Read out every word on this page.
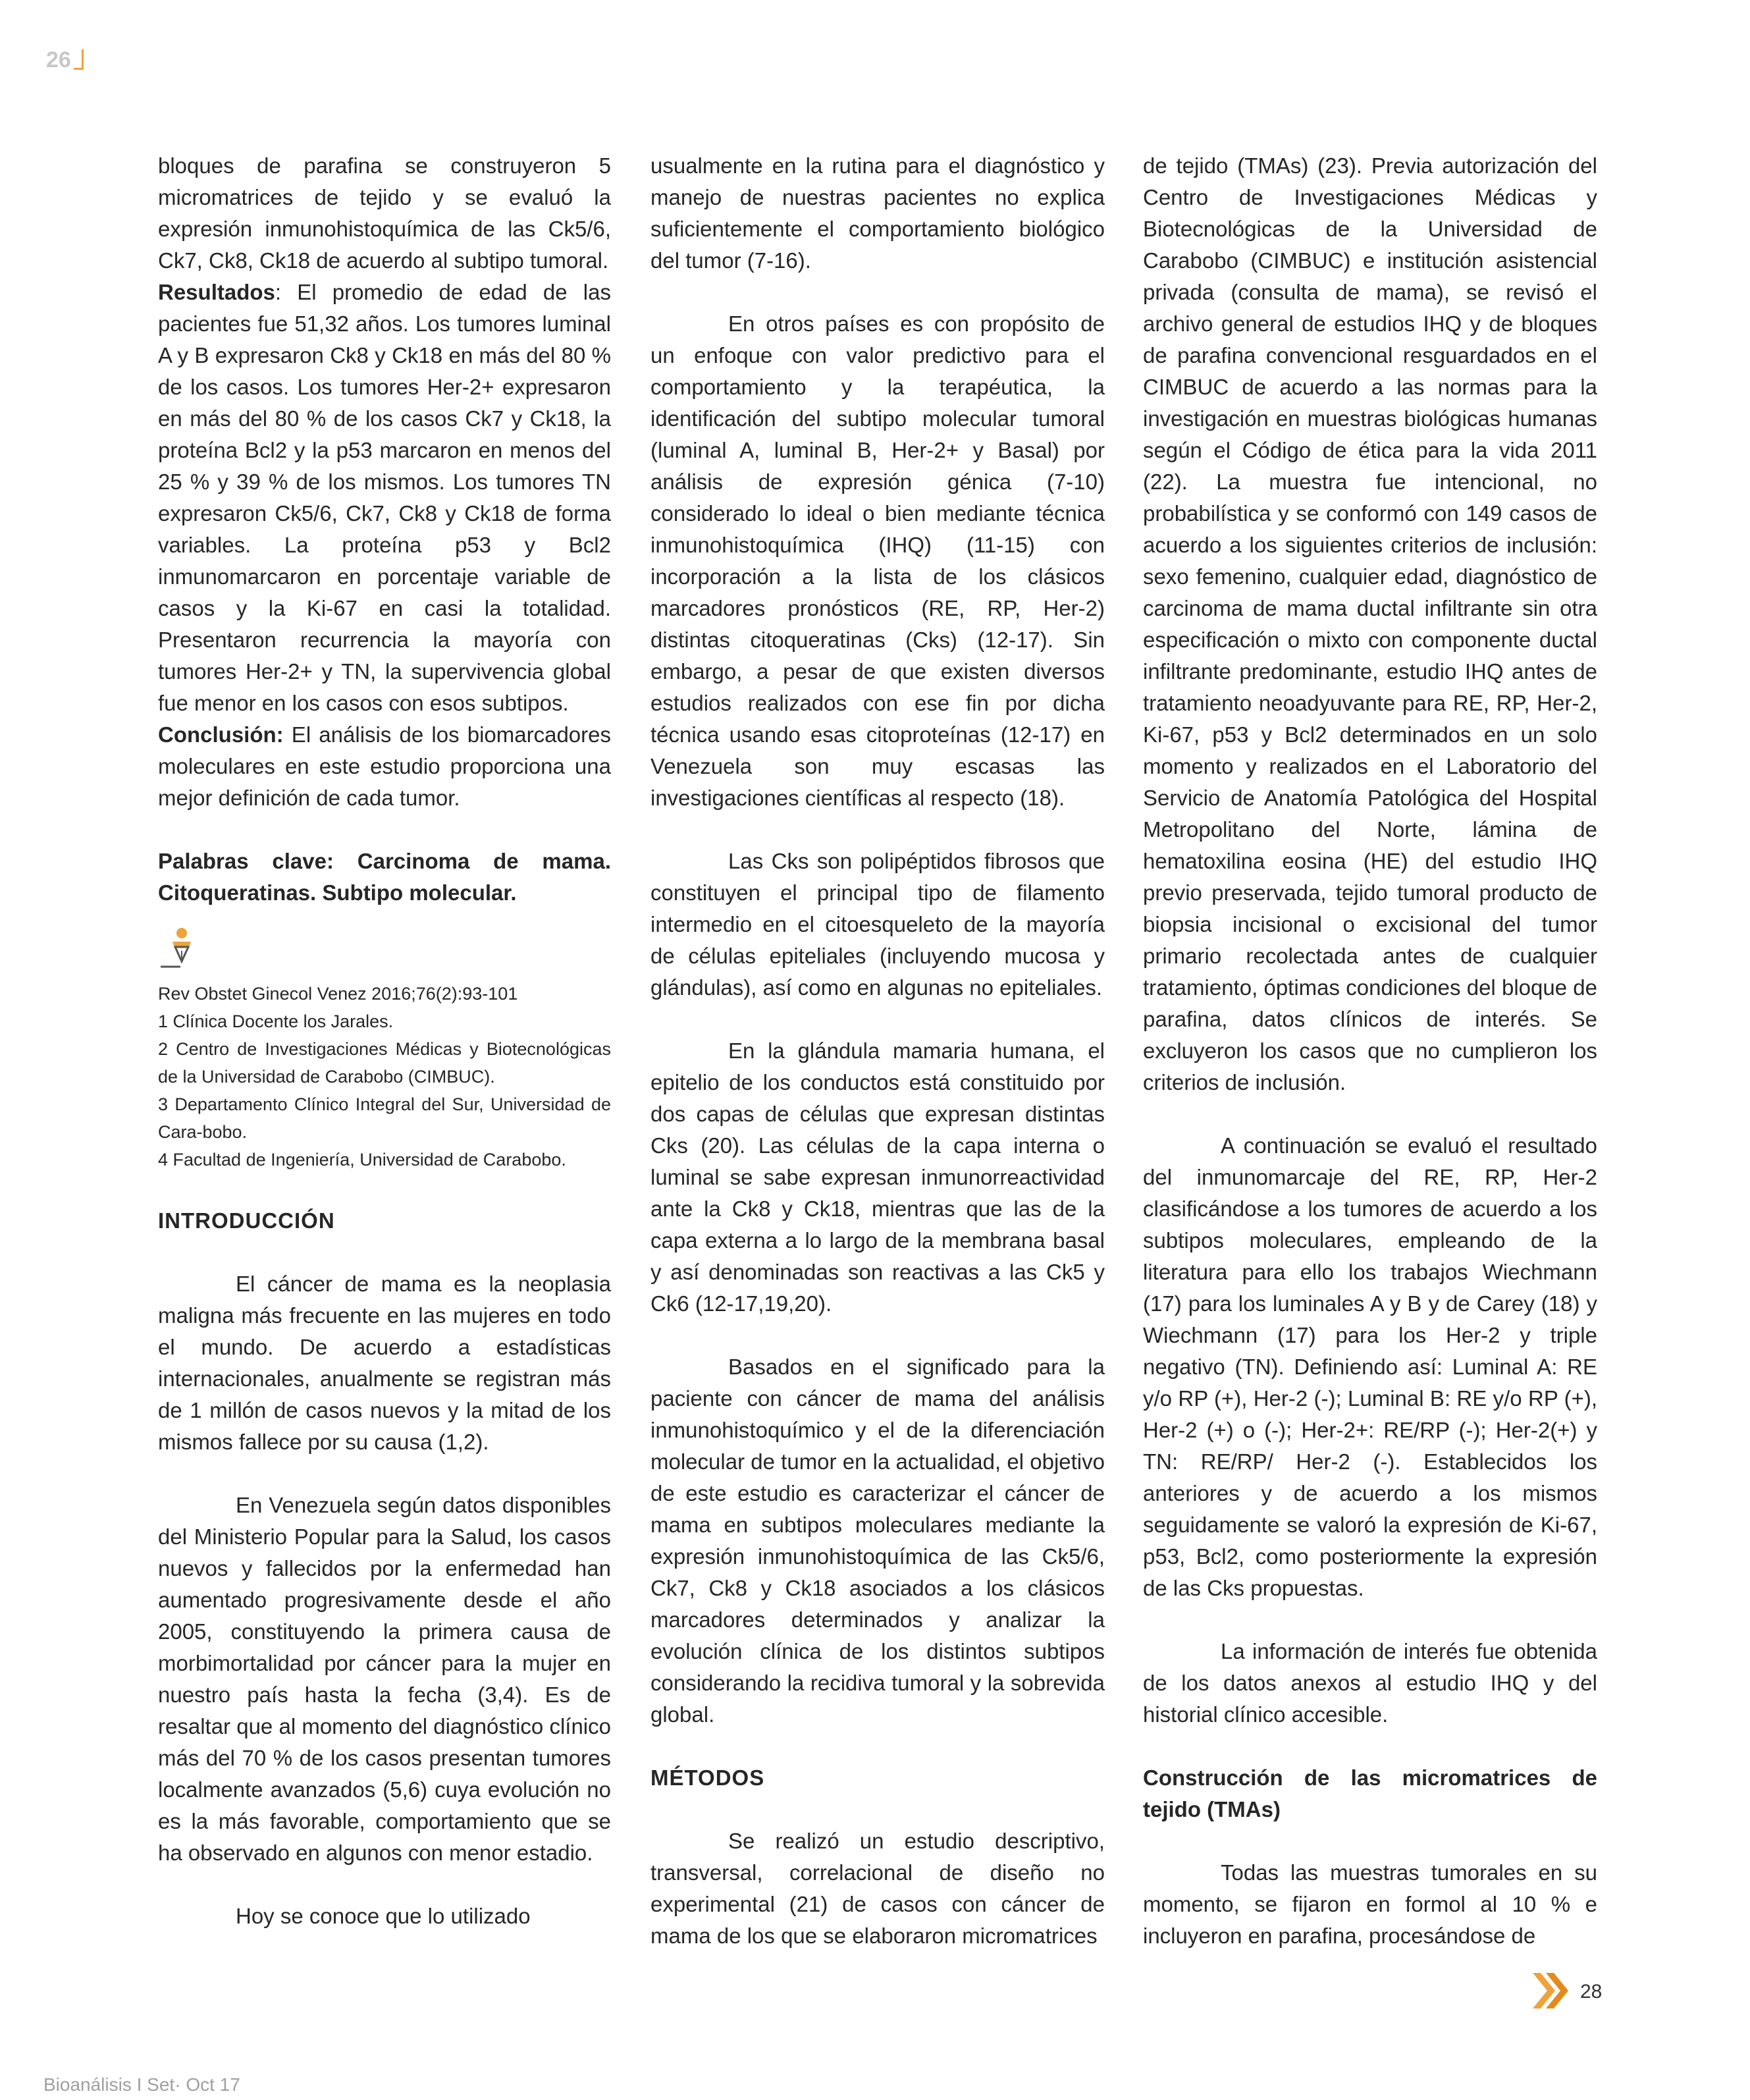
26

bloques de parafina se construyeron 5 micromatrices de tejido y se evaluó la expresión inmunohistoquímica de las Ck5/6, Ck7, Ck8, Ck18 de acuerdo al subtipo tumoral.

Resultados: El promedio de edad de las pacientes fue 51,32 años. Los tumores luminal A y B expresaron Ck8 y Ck18 en más del 80 % de los casos. Los tumores Her-2+ expresaron en más del 80 % de los casos Ck7 y Ck18, la proteína Bcl2 y la p53 marcaron en menos del 25 % y 39 % de los mismos. Los tumores TN expresaron Ck5/6, Ck7, Ck8 y Ck18 de forma variables. La proteína p53 y Bcl2 inmunomarcaron en porcentaje variable de casos y la Ki-67 en casi la totalidad. Presentaron recurrencia la mayoría con tumores Her-2+ y TN, la supervivencia global fue menor en los casos con esos subtipos.

Conclusión: El análisis de los biomarcadores moleculares en este estudio proporciona una mejor definición de cada tumor.

Palabras clave: Carcinoma de mama. Citoqueratinas. Subtipo molecular.

Rev Obstet Ginecol Venez 2016;76(2):93-101

1 Clínica Docente los Jarales.

2 Centro de Investigaciones Médicas y Biotecnológicas de la Universidad de Carabobo (CIMBUC).

3 Departamento Clínico Integral del Sur, Universidad de Cara-bobo.

4 Facultad de Ingeniería, Universidad de Carabobo.

INTRODUCCIÓN

El cáncer de mama es la neoplasia maligna más frecuente en las mujeres en todo el mundo. De acuerdo a estadísticas internacionales, anualmente se registran más de 1 millón de casos nuevos y la mitad de los mismos fallece por su causa (1,2).

En Venezuela según datos disponibles del Ministerio Popular para la Salud, los casos nuevos y fallecidos por la enfermedad han aumentado progresivamente desde el año 2005, constituyendo la primera causa de morbimortalidad por cáncer para la mujer en nuestro país hasta la fecha (3,4). Es de resaltar que al momento del diagnóstico clínico más del 70 % de los casos presentan tumores localmente avanzados (5,6) cuya evolución no es la más favorable, comportamiento que se ha observado en algunos con menor estadio.

Hoy se conoce que lo utilizado

usualmente en la rutina para el diagnóstico y manejo de nuestras pacientes no explica suficientemente el comportamiento biológico del tumor (7-16).

En otros países es con propósito de un enfoque con valor predictivo para el comportamiento y la terapéutica, la identificación del subtipo molecular tumoral (luminal A, luminal B, Her-2+ y Basal) por análisis de expresión génica (7-10) considerado lo ideal o bien mediante técnica inmunohistoquímica (IHQ) (11-15) con incorporación a la lista de los clásicos marcadores pronósticos (RE, RP, Her-2) distintas citoqueratinas (Cks) (12-17). Sin embargo, a pesar de que existen diversos estudios realizados con ese fin por dicha técnica usando esas citoproteínas (12-17) en Venezuela son muy escasas las investigaciones científicas al respecto (18).

Las Cks son polipéptidos fibrosos que constituyen el principal tipo de filamento intermedio en el citoesqueleto de la mayoría de células epiteliales (incluyendo mucosa y glándulas), así como en algunas no epiteliales.

En la glándula mamaria humana, el epitelio de los conductos está constituido por dos capas de células que expresan distintas Cks (20). Las células de la capa interna o luminal se sabe expresan inmunorreactividad ante la Ck8 y Ck18, mientras que las de la capa externa a lo largo de la membrana basal y así denominadas son reactivas a las Ck5 y Ck6 (12-17,19,20).

Basados en el significado para la paciente con cáncer de mama del análisis inmunohistoquímico y el de la diferenciación molecular de tumor en la actualidad, el objetivo de este estudio es caracterizar el cáncer de mama en subtipos moleculares mediante la expresión inmunohistoquímica de las Ck5/6, Ck7, Ck8 y Ck18 asociados a los clásicos marcadores determinados y analizar la evolución clínica de los distintos subtipos considerando la recidiva tumoral y la sobrevida global.

MÉTODOS

Se realizó un estudio descriptivo, transversal, correlacional de diseño no experimental (21) de casos con cáncer de mama de los que se elaboraron micromatrices

de tejido (TMAs) (23). Previa autorización del Centro de Investigaciones Médicas y Biotecnológicas de la Universidad de Carabobo (CIMBUC) e institución asistencial privada (consulta de mama), se revisó el archivo general de estudios IHQ y de bloques de parafina convencional resguardados en el CIMBUC de acuerdo a las normas para la investigación en muestras biológicas humanas según el Código de ética para la vida 2011 (22). La muestra fue intencional, no probabilística y se conformó con 149 casos de acuerdo a los siguientes criterios de inclusión: sexo femenino, cualquier edad, diagnóstico de carcinoma de mama ductal infiltrante sin otra especificación o mixto con componente ductal infiltrante predominante, estudio IHQ antes de tratamiento neoadyuvante para RE, RP, Her-2, Ki-67, p53 y Bcl2 determinados en un solo momento y realizados en el Laboratorio del Servicio de Anatomía Patológica del Hospital Metropolitano del Norte, lámina de hematoxilina eosina (HE) del estudio IHQ previo preservada, tejido tumoral producto de biopsia incisional o excisional del tumor primario recolectada antes de cualquier tratamiento, óptimas condiciones del bloque de parafina, datos clínicos de interés. Se excluyeron los casos que no cumplieron los criterios de inclusión.

A continuación se evaluó el resultado del inmunomarcaje del RE, RP, Her-2 clasificándose a los tumores de acuerdo a los subtipos moleculares, empleando de la literatura para ello los trabajos Wiechmann (17) para los luminales A y B y de Carey (18) y Wiechmann (17) para los Her-2 y triple negativo (TN). Definiendo así: Luminal A: RE y/o RP (+), Her-2 (-); Luminal B: RE y/o RP (+), Her-2 (+) o (-); Her-2+: RE/RP (-); Her-2(+) y TN: RE/RP/ Her-2 (-). Establecidos los anteriores y de acuerdo a los mismos seguidamente se valoró la expresión de Ki-67, p53, Bcl2, como posteriormente la expresión de las Cks propuestas.

La información de interés fue obtenida de los datos anexos al estudio IHQ y del historial clínico accesible.

Construcción de las micromatrices de tejido (TMAs)

Todas las muestras tumorales en su momento, se fijaron en formol al 10 % e incluyeron en parafina, procesándose de

28
Bioanálisis I Set· Oct 17
